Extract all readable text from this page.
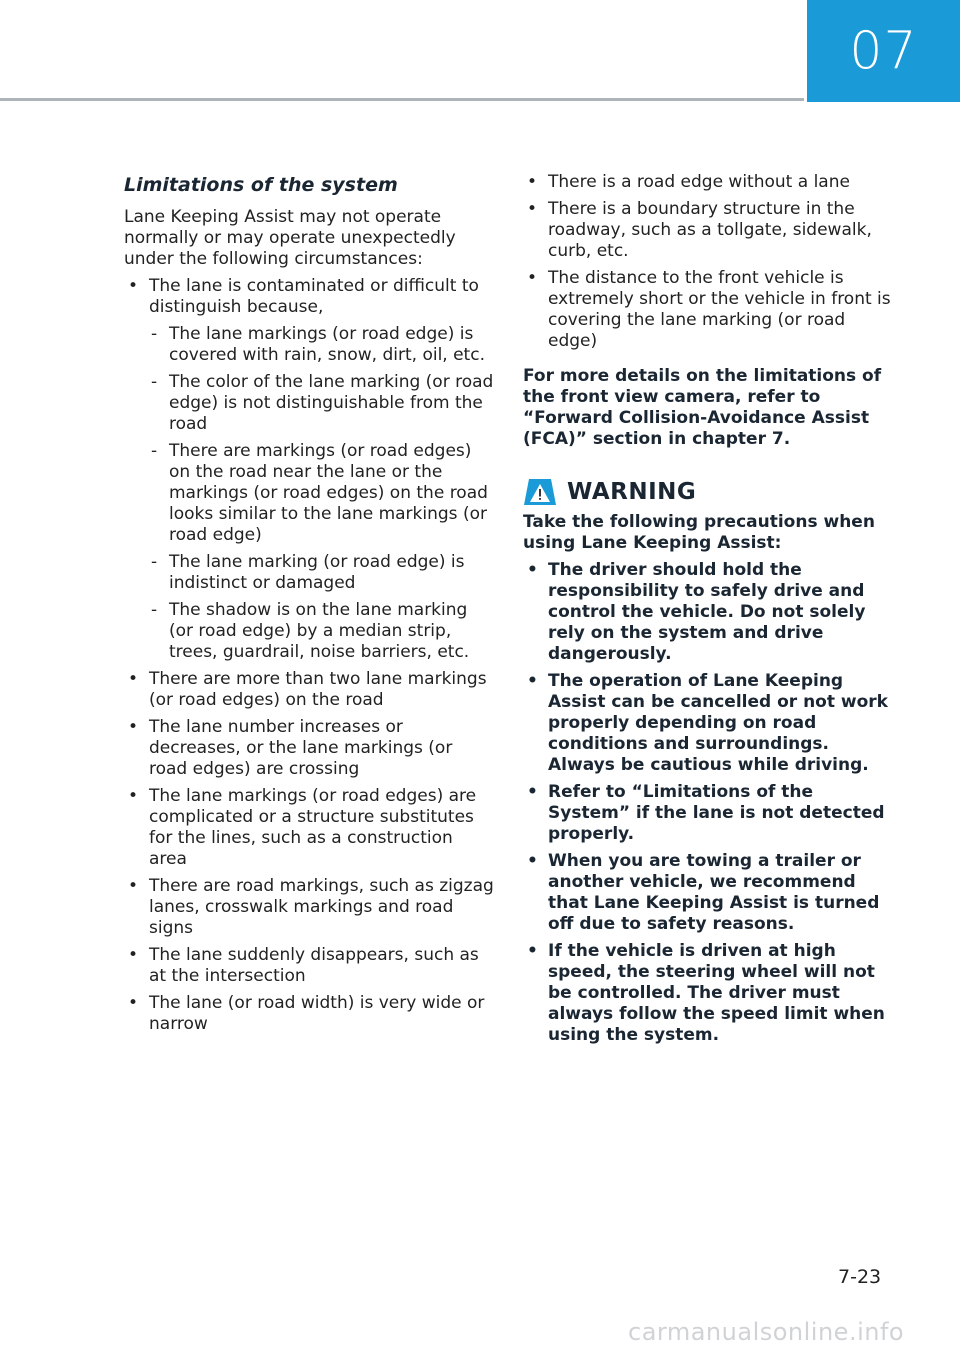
07
Limitations of the system

Lane Keeping Assist may not operate normally or may operate unexpectedly under the following circumstances:

• The lane is contaminated or difficult to distinguish because,
- The lane markings (or road edge) is covered with rain, snow, dirt, oil, etc.
- The color of the lane marking (or road edge) is not distinguishable from the road
- There are markings (or road edges) on the road near the lane or the markings (or road edges) on the road looks similar to the lane markings (or road edge)
- The lane marking (or road edge) is indistinct or damaged
- The shadow is on the lane marking (or road edge) by a median strip, trees, guardrail, noise barriers, etc.
• There are more than two lane markings (or road edges) on the road
• The lane number increases or decreases, or the lane markings (or road edges) are crossing
• The lane markings (or road edges) are complicated or a structure substitutes for the lines, such as a construction area
• There are road markings, such as zigzag lanes, crosswalk markings and road signs
• The lane suddenly disappears, such as at the intersection
• The lane (or road width) is very wide or narrow
• There is a road edge without a lane
• There is a boundary structure in the roadway, such as a tollgate, sidewalk, curb, etc.
• The distance to the front vehicle is extremely short or the vehicle in front is covering the lane marking (or road edge)

For more details on the limitations of the front view camera, refer to “Forward Collision-Avoidance Assist (FCA)” section in chapter 7.

WARNING

Take the following precautions when using Lane Keeping Assist:

• The driver should hold the responsibility to safely drive and control the vehicle. Do not solely rely on the system and drive dangerously.
• The operation of Lane Keeping Assist can be cancelled or not work properly depending on road conditions and surroundings. Always be cautious while driving.
• Refer to “Limitations of the System” if the lane is not detected properly.
• When you are towing a trailer or another vehicle, we recommend that Lane Keeping Assist is turned off due to safety reasons.
• If the vehicle is driven at high speed, the steering wheel will not be controlled. The driver must always follow the speed limit when using the system.
7-23
carmanualsonline.info
